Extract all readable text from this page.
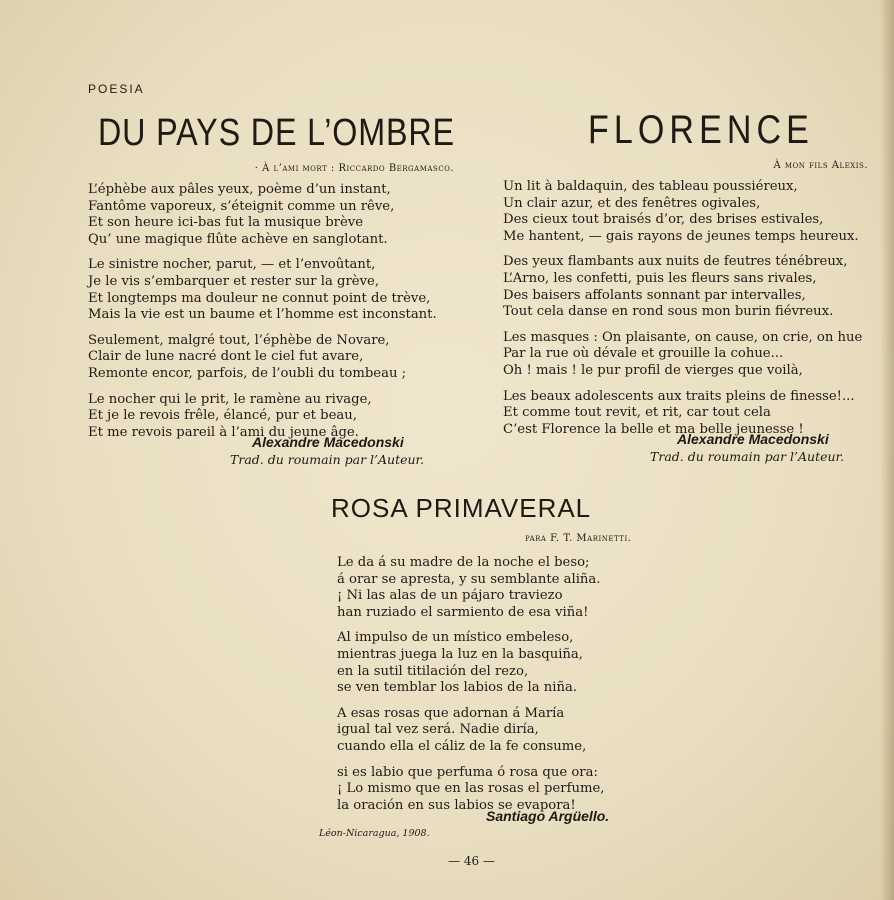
POESIA
DU PAYS DE L’OMBRE
· À l’ami mort : Riccardo Bergamasco.
L’éphèbe aux pâles yeux, poème d’un instant,
Fantôme vaporeux, s’éteignit comme un rêve,
Et son heure ici-bas fut la musique brève
Qu’ une magique flûte achève en sanglotant.
Le sinistre nocher, parut, — et l’envoûtant,
Je le vis s’embarquer et rester sur la grève,
Et longtemps ma douleur ne connut point de trève,
Mais la vie est un baume et l’homme est inconstant.
Seulement, malgré tout, l’éphèbe de Novare,
Clair de lune nacré dont le ciel fut avare,
Remonte encor, parfois, de l’oubli du tombeau ;
Le nocher qui le prit, le ramène au rivage,
Et je le revois frêle, élancé, pur et beau,
Et me revois pareil à l’ami du jeune âge.
Alexandre Macedonski
Trad. du roumain par l’Auteur.
FLORENCE
À mon fils Alexis.
Un lit à baldaquin, des tableau poussiéreux,
Un clair azur, et des fenêtres ogivales,
Des cieux tout braisés d’or, des brises estivales,
Me hantent, — gais rayons de jeunes temps heureux.
Des yeux flambants aux nuits de feutres ténébreux,
L’Arno, les confetti, puis les fleurs sans rivales,
Des baisers affolants sonnant par intervalles,
Tout cela danse en rond sous mon burin fiévreux.
Les masques : On plaisante, on cause, on crie, on hue
Par la rue où dévale et grouille la cohue...
Oh ! mais ! le pur profil de vierges que voilà,
Les beaux adolescents aux traits pleins de finesse!...
Et comme tout revit, et rit, car tout cela
C’est Florence la belle et ma belle jeunesse !
Alexandre Macedonski
Trad. du roumain par l’Auteur.
ROSA PRIMAVERAL
para F. T. Marinetti.
Le da á su madre de la noche el beso;
á orar se apresta, y su semblante aliña.
¡ Ni las alas de un pájaro traviezo
han ruziado el sarmiento de esa viña!
Al impulso de un místico embeleso,
mientras juega la luz en la basquiña,
en la sutil titilación del rezo,
se ven temblar los labios de la niña.
A esas rosas que adornan á María
igual tal vez será. Nadie diría,
cuando ella el cáliz de la fe consume,
si es labio que perfuma ó rosa que ora:
¡ Lo mismo que en las rosas el perfume,
la oración en sus labios se evapora!
Santiago Argüello.
Léon-Nicaragua, 1908.
— 46 —
